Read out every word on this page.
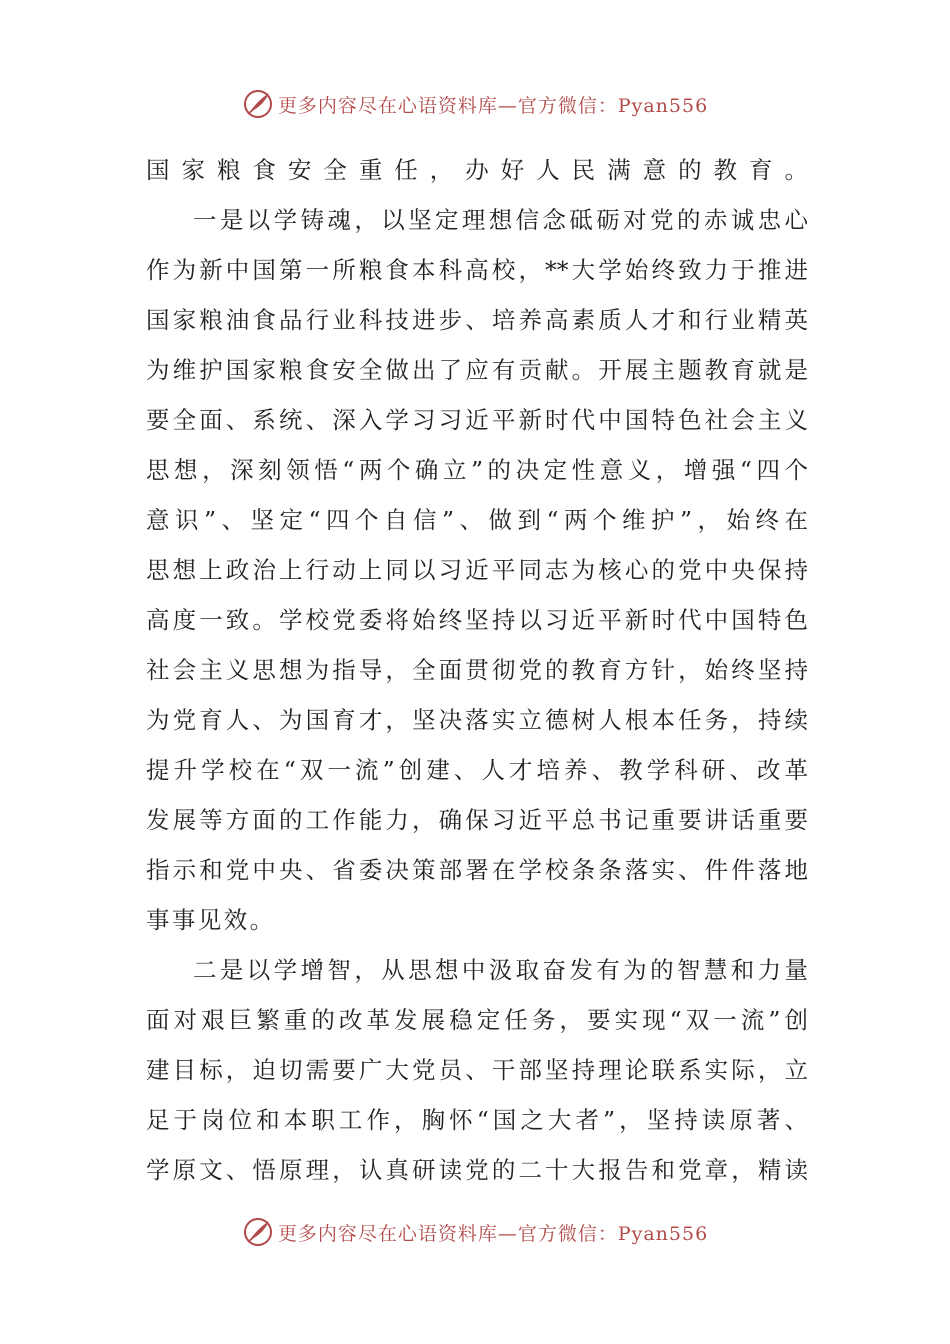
更多内容尽在心语资料库—官方微信：Pyan556
国家粮食安全重任，办好人民满意的教育。
一是以学铸魂，以坚定理想信念砥砺对党的赤诚忠心
作为新中国第一所粮食本科高校，**大学始终致力于推进
国家粮油食品行业科技进步、培养高素质人才和行业精英
为维护国家粮食安全做出了应有贡献。开展主题教育就是
要全面、系统、深入学习习近平新时代中国特色社会主义
思想，深刻领悟“两个确立”的决定性意义，增强“四个
意识”、坚定“四个自信”、做到“两个维护”，始终在
思想上政治上行动上同以习近平同志为核心的党中央保持
高度一致。学校党委将始终坚持以习近平新时代中国特色
社会主义思想为指导，全面贯彻党的教育方针，始终坚持
为党育人、为国育才，坚决落实立德树人根本任务，持续
提升学校在“双一流”创建、人才培养、教学科研、改革
发展等方面的工作能力，确保习近平总书记重要讲话重要
指示和党中央、省委决策部署在学校条条落实、件件落地
事事见效。
二是以学增智，从思想中汲取奋发有为的智慧和力量
面对艰巨繁重的改革发展稳定任务，要实现“双一流”创
建目标，迫切需要广大党员、干部坚持理论联系实际，立
足于岗位和本职工作，胸怀“国之大者”，坚持读原著、
学原文、悟原理，认真研读党的二十大报告和党章，精读
更多内容尽在心语资料库—官方微信：Pyan556
